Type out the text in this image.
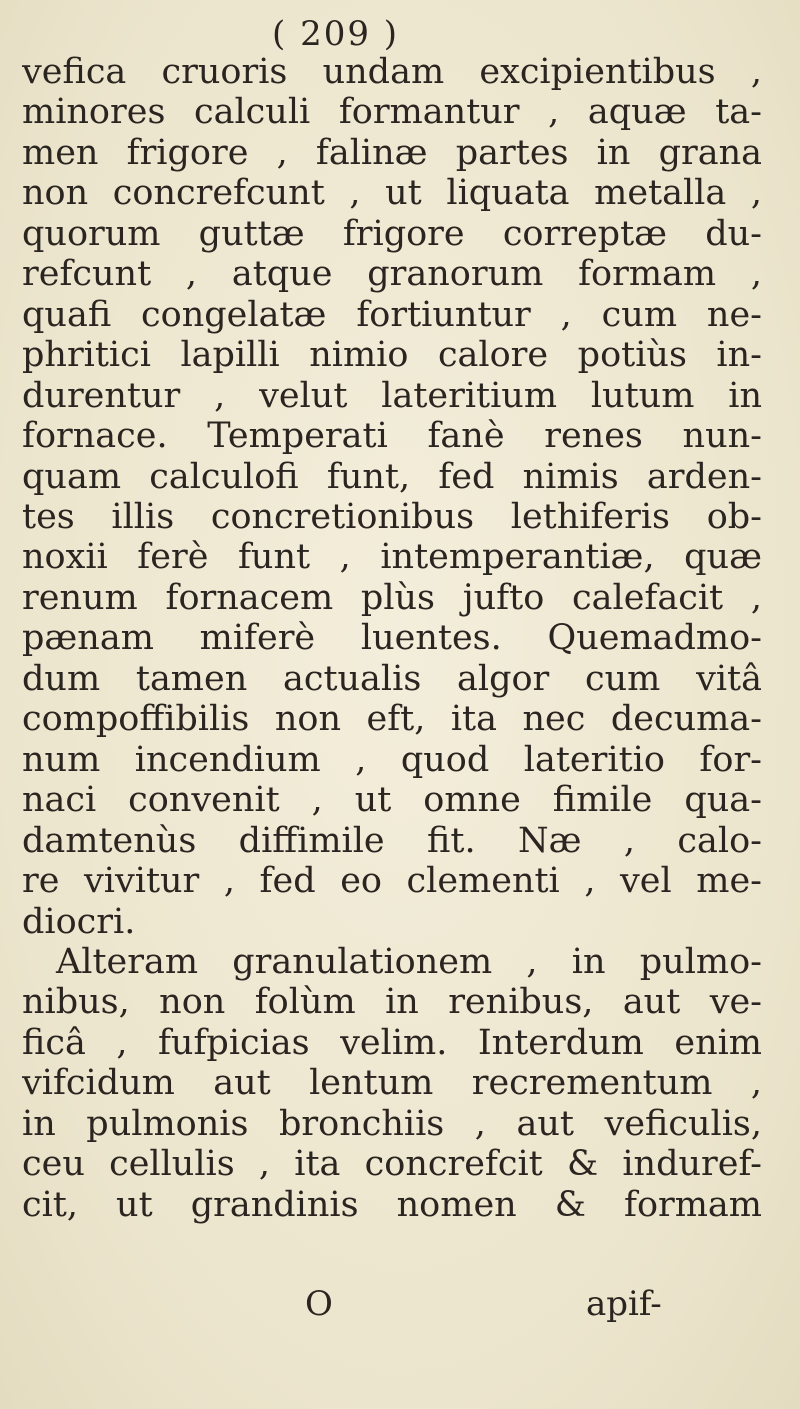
( 209 )
vefica cruoris undam excipientibus ,
minores calculi formantur , aquæ ta-
men frigore , falinæ partes in grana
non concrefcunt , ut liquata metalla ,
quorum guttæ frigore correptæ du-
refcunt , atque granorum formam ,
quafi congelatæ fortiuntur , cum ne-
phritici lapilli nimio calore potiùs in-
durentur , velut lateritium lutum in
fornace. Temperati fanè renes nun-
quam calculofi funt, fed nimis arden-
tes illis concretionibus lethiferis ob-
noxii ferè funt , intemperantiæ, quæ
renum fornacem plùs jufto calefacit ,
pænam miferè luentes. Quemadmo-
dum tamen actualis algor cum vitâ
compoffibilis non eft, ita nec decuma-
num incendium , quod lateritio for-
naci convenit , ut omne fimile qua-
damtenùs diffimile fit. Næ , calo-
re vivitur , fed eo clementi , vel me-
diocri.
Alteram granulationem , in pulmo-
nibus, non folùm in renibus, aut ve-
ficâ , fufpicias velim. Interdum enim
vifcidum aut lentum recrementum ,
in pulmonis bronchiis , aut veficulis,
ceu cellulis , ita concrefcit & induref-
cit, ut grandinis nomen & formam
O	apif-
